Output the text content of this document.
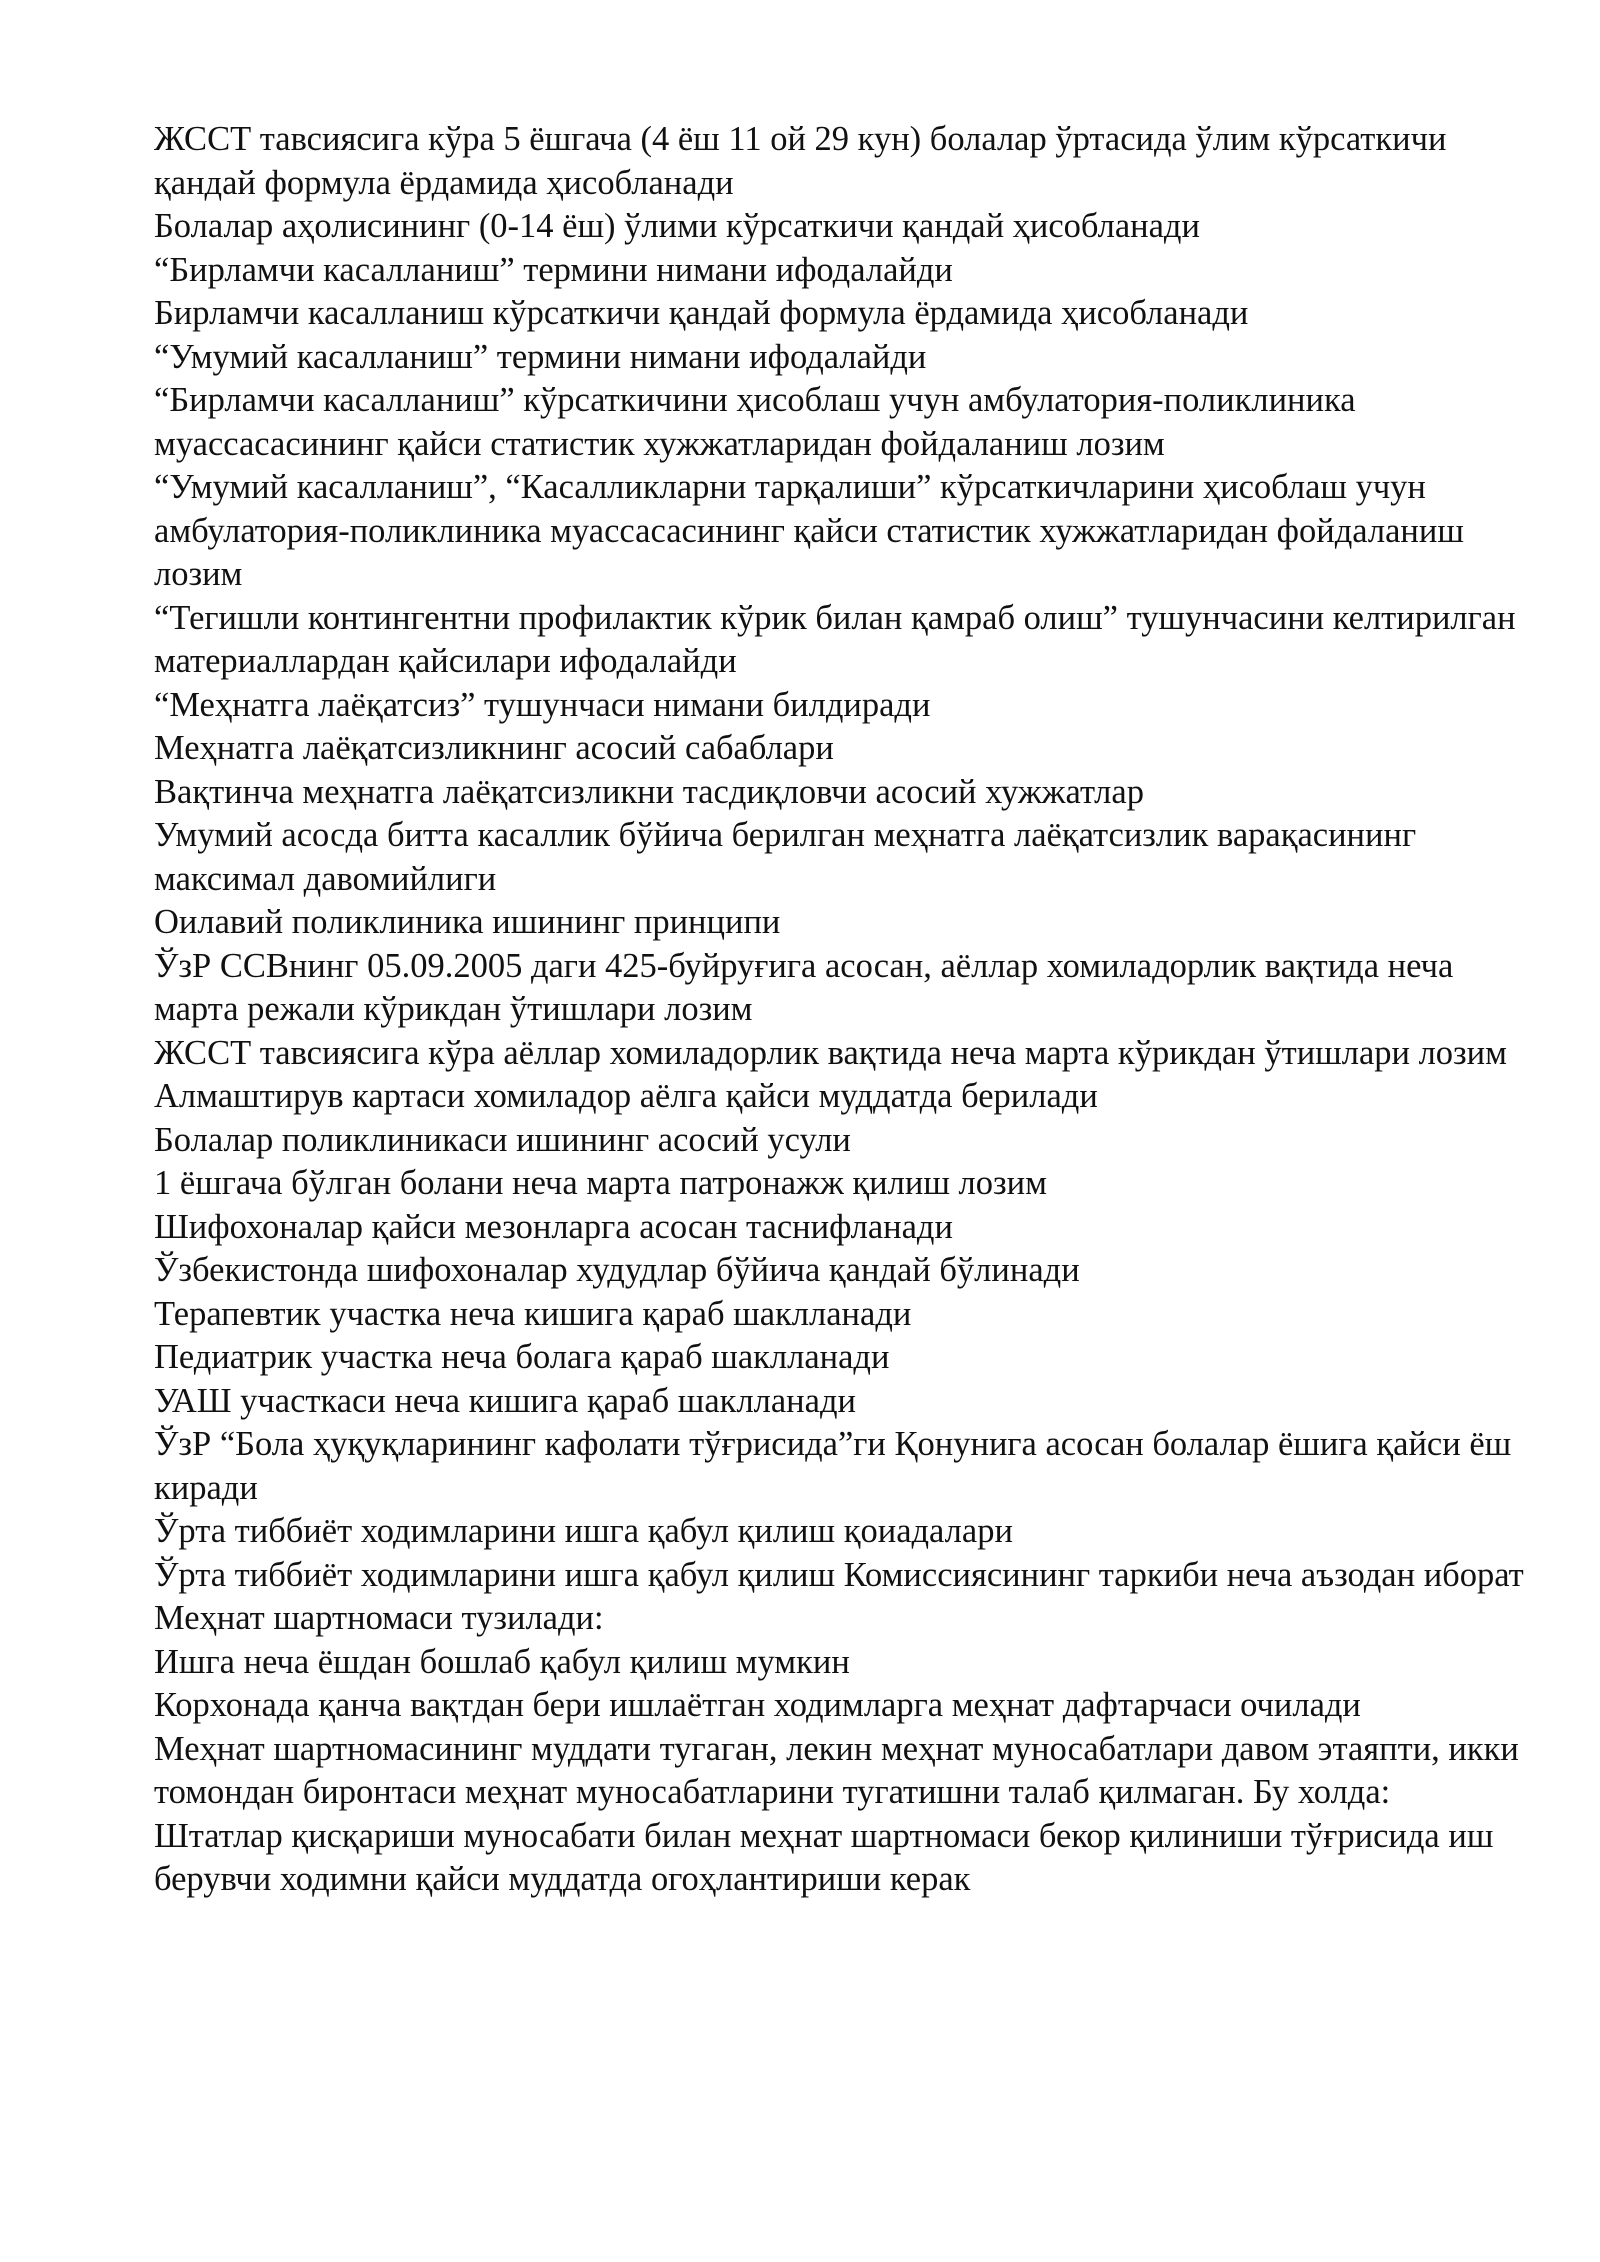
ЖССТ тавсиясига кўра 5 ёшгача (4 ёш 11 ой 29 кун) болалар ўртасида ўлим кўрсаткичи қандай формула ёрдамида ҳисобланади

Болалар аҳолисининг (0-14 ёш) ўлими кўрсаткичи қандай ҳисобланади

“Бирламчи касалланиш” термини нимани ифодалайди

Бирламчи касалланиш кўрсаткичи қандай формула ёрдамида ҳисобланади

“Умумий касалланиш” термини нимани ифодалайди

“Бирламчи касалланиш” кўрсаткичини ҳисоблаш учун амбулатория-поликлиника муассасасининг қайси статистик хужжатларидан фойдаланиш лозим

“Умумий касалланиш”, “Касалликларни тарқалиши” кўрсаткичларини ҳисоблаш учун амбулатория-поликлиника муассасасининг қайси статистик хужжатларидан фойдаланиш лозим

“Тегишли контингентни профилактик кўрик билан қамраб олиш” тушунчасини келтирилган материаллардан қайсилари ифодалайди

“Меҳнатга лаёқатсиз” тушунчаси нимани билдиради

Меҳнатга лаёқатсизликнинг асосий сабаблари

Вақтинча меҳнатга лаёқатсизликни тасдиқловчи асосий хужжатлар

Умумий асосда битта касаллик бўйича берилган меҳнатга лаёқатсизлик варақасининг максимал давомийлиги

Оилавий поликлиника ишининг принципи

ЎзР ССВнинг 05.09.2005 даги 425-буйруғига асосан, аёллар хомиладорлик вақтида неча марта режали кўрикдан ўтишлари лозим

ЖССТ тавсиясига кўра аёллар хомиладорлик вақтида неча марта кўрикдан ўтишлари лозим

Алмаштирув картаси хомиладор аёлга қайси муддатда берилади

Болалар поликлиникаси ишининг асосий усули

1 ёшгача бўлган болани неча марта патронажж қилиш лозим

Шифохоналар қайси мезонларга асосан таснифланади

Ўзбекистонда шифохоналар худудлар бўйича қандай бўлинади

Терапевтик участка неча кишига қараб шаклланади

Педиатрик участка неча болага қараб шаклланади

УАШ участкаси неча кишига қараб шаклланади

ЎзР “Бола ҳуқуқларининг кафолати тўғрисида”ги Қонунига асосан болалар ёшига қайси ёш киради

Ўрта тиббиёт ходимларини ишга қабул қилиш қоиадалари

Ўрта тиббиёт ходимларини ишга қабул қилиш Комиссиясининг таркиби неча аъзодан иборат

Меҳнат шартномаси тузилади:

Ишга неча ёшдан бошлаб қабул қилиш мумкин

Корхонада қанча вақтдан бери ишлаётган ходимларга меҳнат дафтарчаси очилади

Меҳнат шартномасининг муддати тугаган, лекин меҳнат муносабатлари давом этаяпти, икки томондан биронтаси меҳнат муносабатларини тугатишни талаб қилмаган. Бу холда:

Штатлар қисқариши муносабати билан меҳнат шартномаси бекор қилиниши тўғрисида иш берувчи ходимни қайси муддатда огоҳлантириши керак
